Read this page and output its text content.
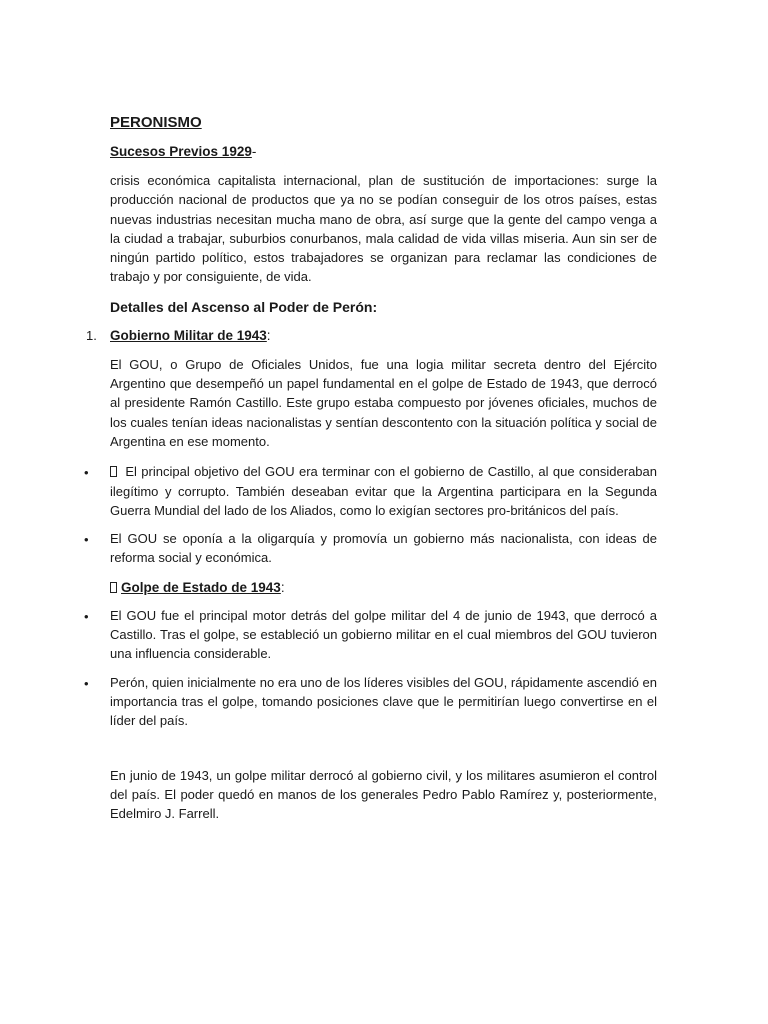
PERONISMO
Sucesos Previos 1929-

crisis económica capitalista internacional, plan de sustitución de importaciones: surge la producción nacional de productos que ya no se podían conseguir de los otros países, estas nuevas industrias necesitan mucha mano de obra, así surge que la gente del campo venga a la ciudad a trabajar, suburbios conurbanos, mala calidad de vida villas miseria. Aun sin ser de ningún partido político, estos trabajadores se organizan para reclamar las condiciones de trabajo y por consiguiente, de vida.

Detalles del Ascenso al Poder de Perón:
1. Gobierno Militar de 1943:

El GOU, o Grupo de Oficiales Unidos, fue una logia militar secreta dentro del Ejército Argentino que desempeñó un papel fundamental en el golpe de Estado de 1943, que derrocó al presidente Ramón Castillo. Este grupo estaba compuesto por jóvenes oficiales, muchos de los cuales tenían ideas nacionalistas y sentían descontento con la situación política y social de Argentina en ese momento.

•	El principal objetivo del GOU era terminar con el gobierno de Castillo, al que consideraban ilegítimo y corrupto. También deseaban evitar que la Argentina participara en la Segunda Guerra Mundial del lado de los Aliados, como lo exigían sectores pro-británicos del país.

• El GOU se oponía a la oligarquía y promovía un gobierno más nacionalista, con ideas de reforma social y económica.

Golpe de Estado de 1943:
• El GOU fue el principal motor detrás del golpe militar del 4 de junio de 1943, que derrocó a Castillo. Tras el golpe, se estableció un gobierno militar en el cual miembros del GOU tuvieron una influencia considerable.

• Perón, quien inicialmente no era uno de los líderes visibles del GOU, rápidamente ascendió en importancia tras el golpe, tomando posiciones clave que le permitirían luego convertirse en el líder del país.

En junio de 1943, un golpe militar derrocó al gobierno civil, y los militares asumieron el control del país. El poder quedó en manos de los generales Pedro Pablo Ramírez y, posteriormente, Edelmiro J. Farrell.
